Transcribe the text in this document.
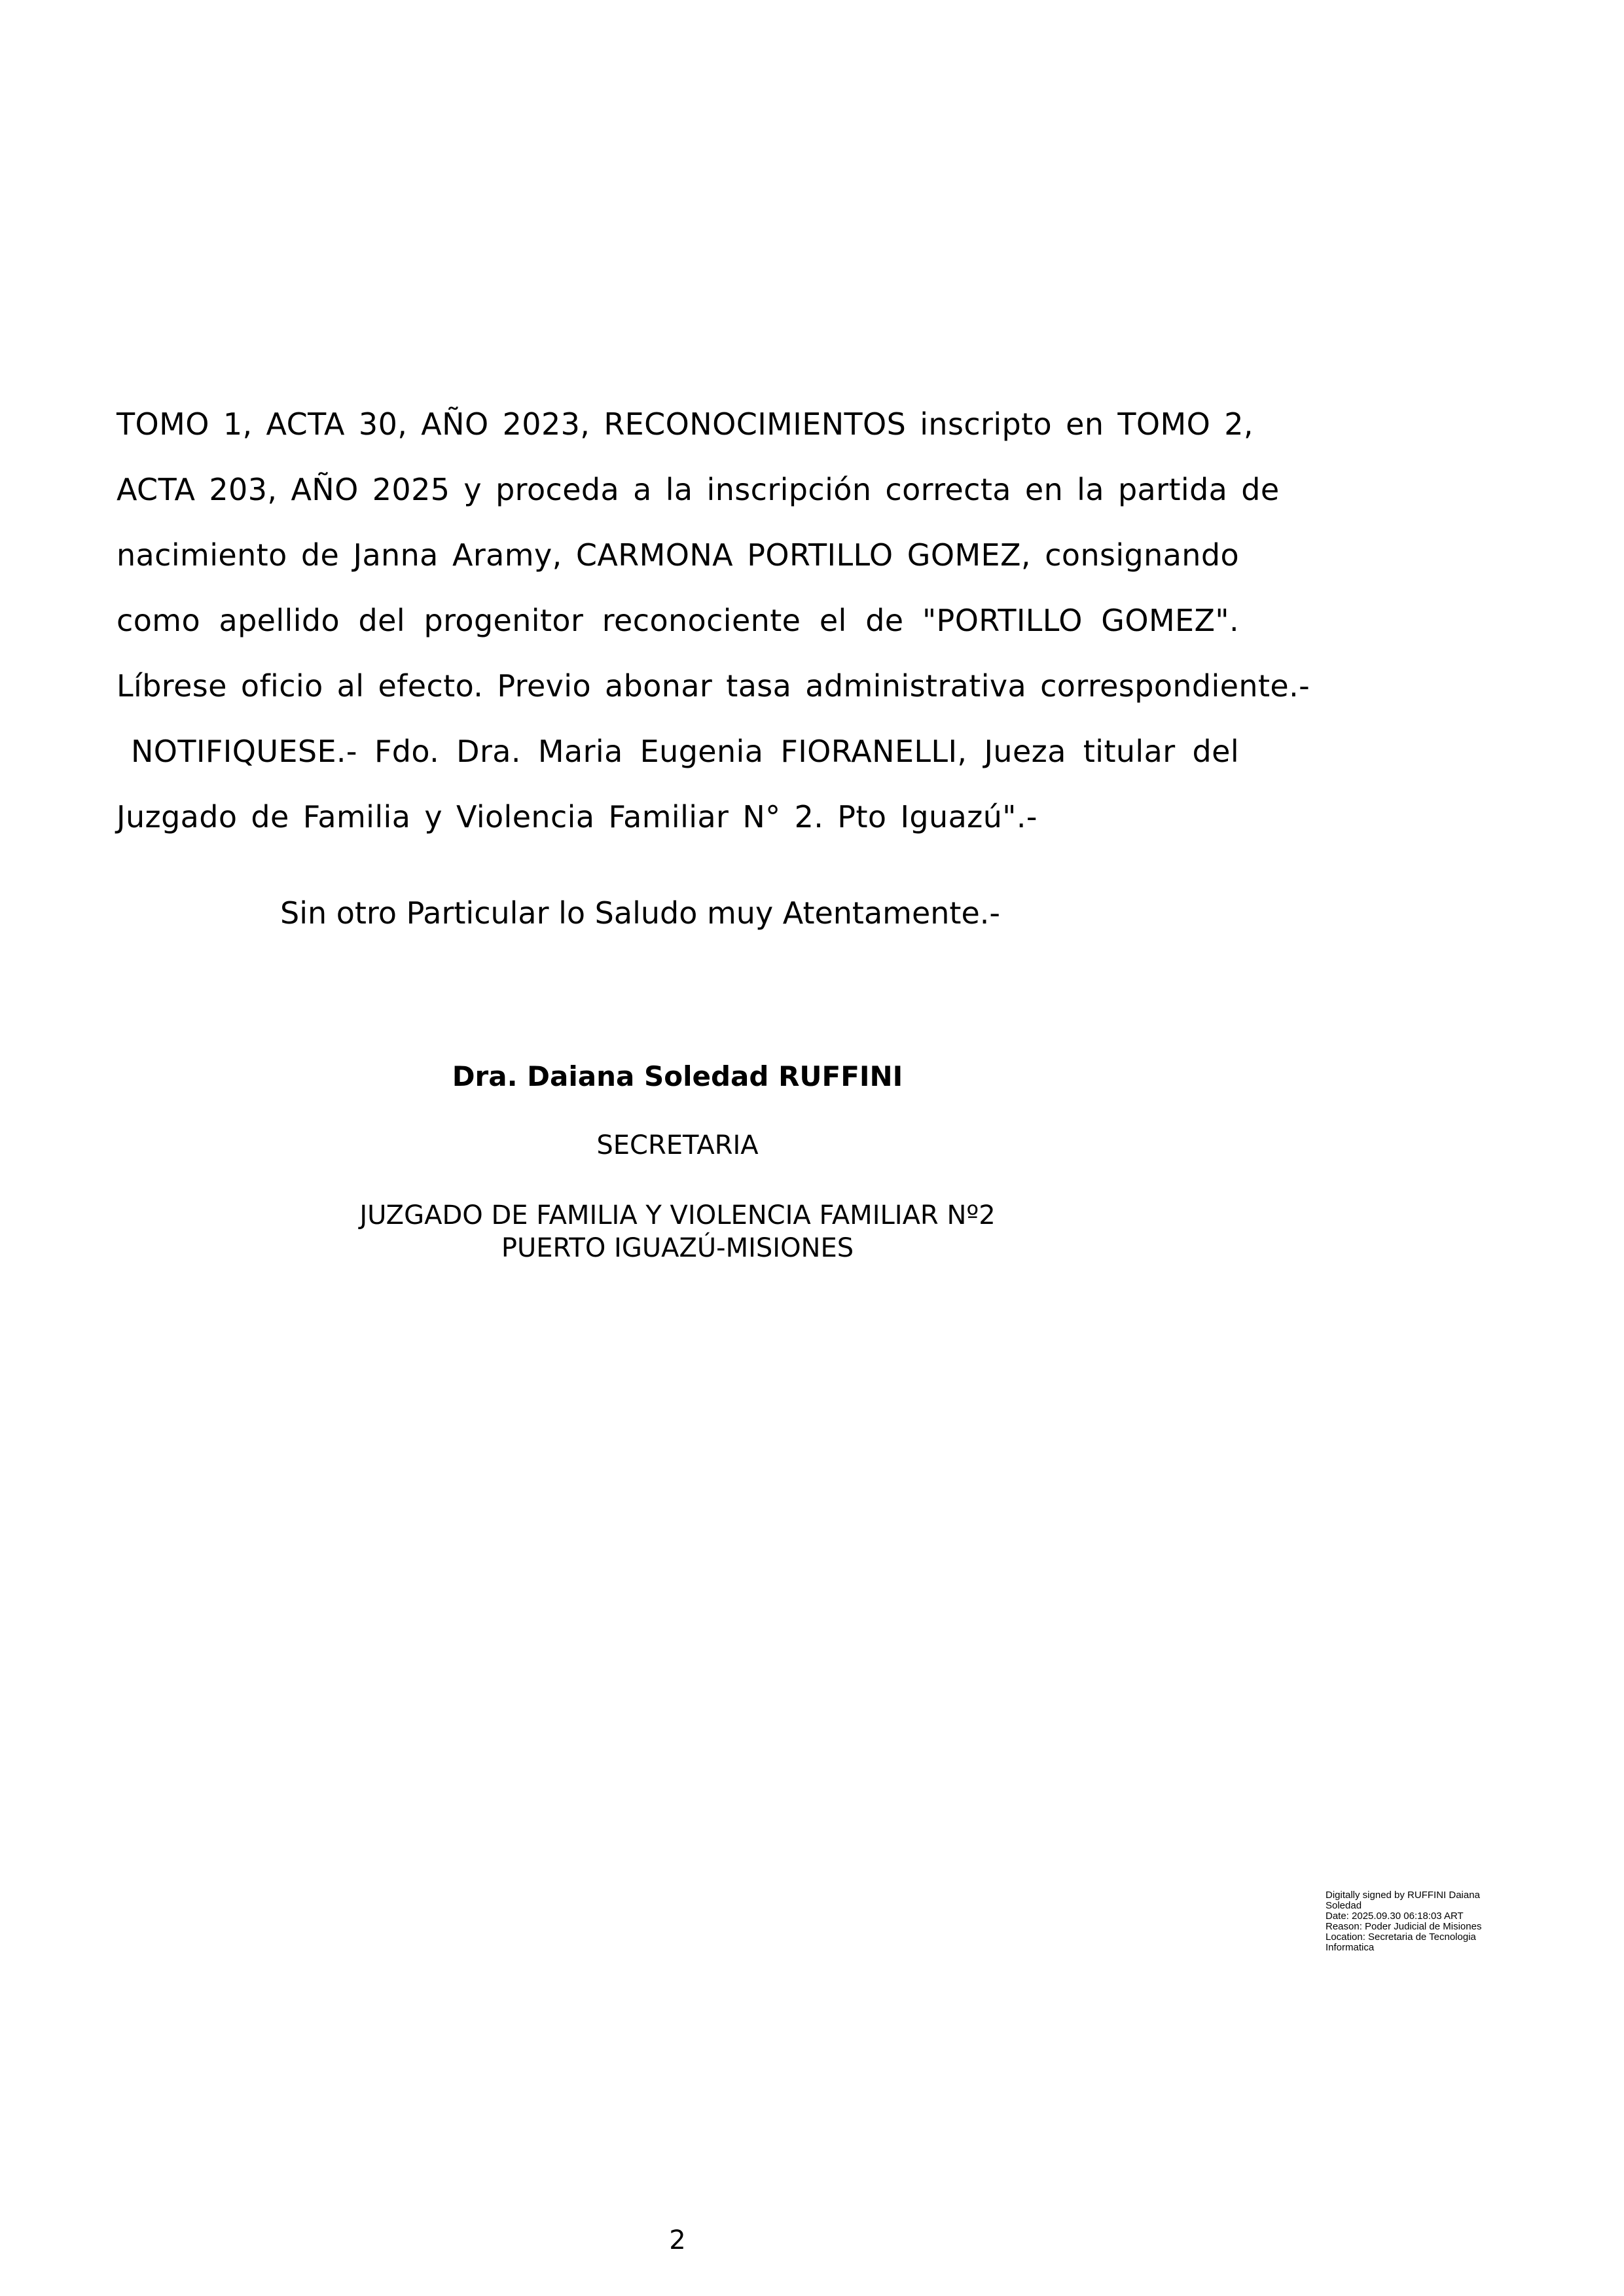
TOMO 1, ACTA 30, AÑO 2023, RECONOCIMIENTOS inscripto en TOMO 2,
ACTA 203, AÑO 2025 y proceda a la inscripción correcta en la partida de
nacimiento de Janna Aramy, CARMONA PORTILLO GOMEZ, consignando
como apellido del progenitor reconociente el de "PORTILLO GOMEZ".
Líbrese oficio al efecto. Previo abonar tasa administrativa correspondiente.-
NOTIFIQUESE.- Fdo. Dra. Maria Eugenia FIORANELLI, Jueza titular del
Juzgado de Familia y Violencia Familiar N° 2. Pto Iguazú".-

Sin otro Particular lo Saludo muy Atentamente.-

Dra. Daiana Soledad RUFFINI

SECRETARIA

JUZGADO DE FAMILIA Y VIOLENCIA FAMILIAR Nº2

PUERTO IGUAZÚ-MISIONES

Digitally signed by RUFFINI Daiana
Soledad
Date: 2025.09.30 06:18:03 ART
Reason: Poder Judicial de Misiones
Location: Secretaria de Tecnologia
Informatica

2
